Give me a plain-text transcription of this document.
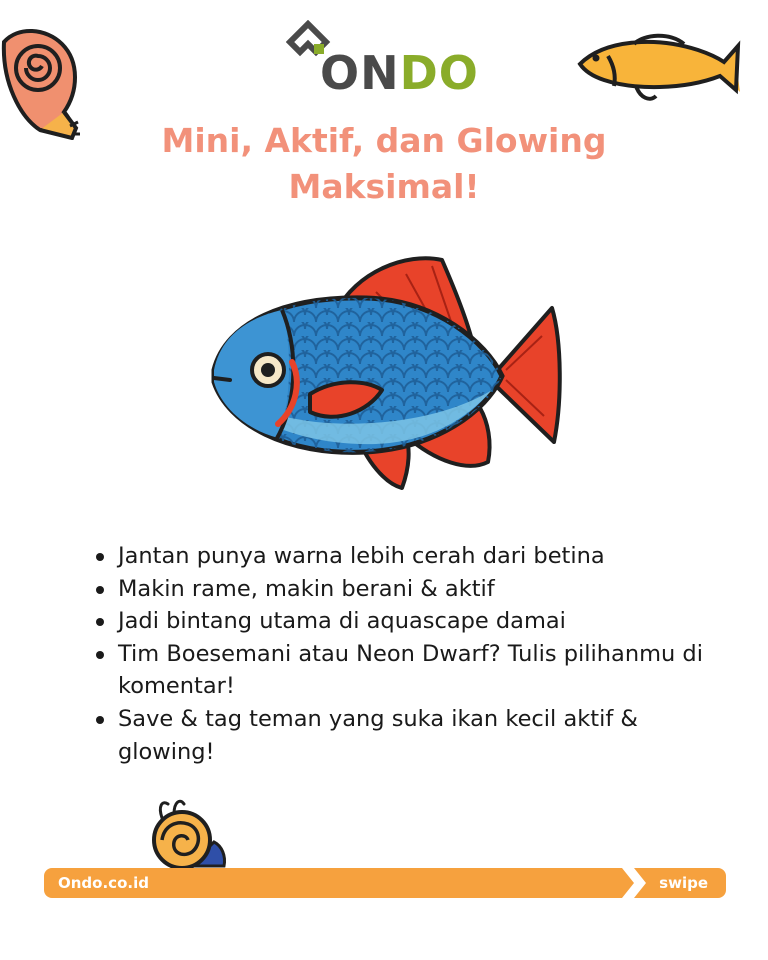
ONDO
Mini, Aktif, dan Glowing
Maksimal!
Jantan punya warna lebih cerah dari betina
Makin rame, makin berani & aktif
Jadi bintang utama di aquascape damai
Tim Boesemani atau Neon Dwarf? Tulis pilihanmu di komentar!
Save & tag teman yang suka ikan kecil aktif & glowing!
Ondo.co.id	swipe
